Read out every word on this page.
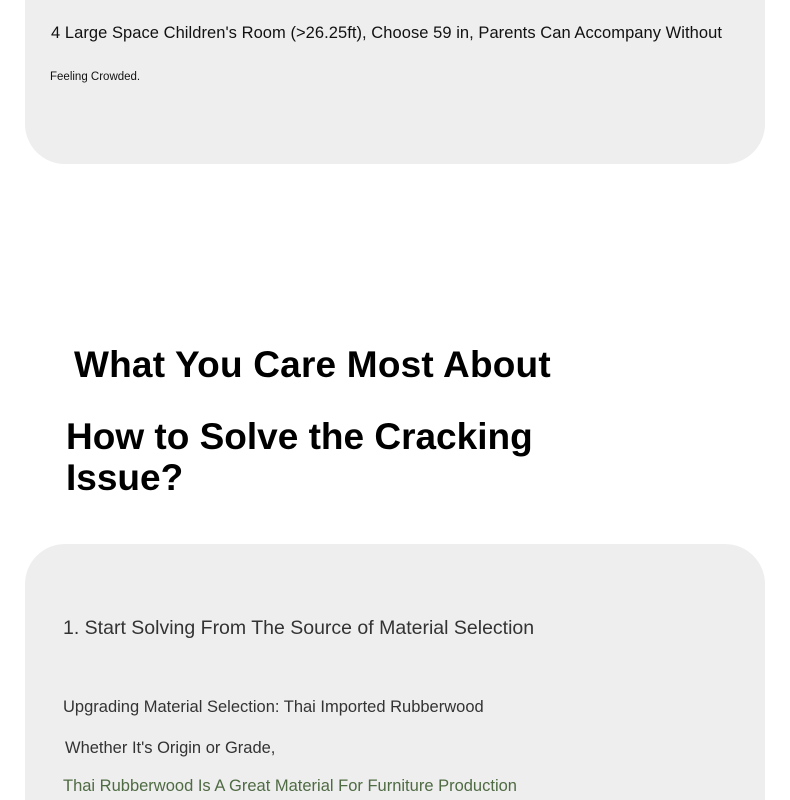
4 Large Space Children's Room (>26.25ft), Choose 59 in, Parents Can Accompany Without
Feeling Crowded.
What You Care Most About
How to Solve the Cracking Issue?
1. Start Solving From The Source of Material Selection
Upgrading Material Selection: Thai Imported Rubberwood
Whether It's Origin or Grade,
Thai Rubberwood Is A Great Material For Furniture Production
